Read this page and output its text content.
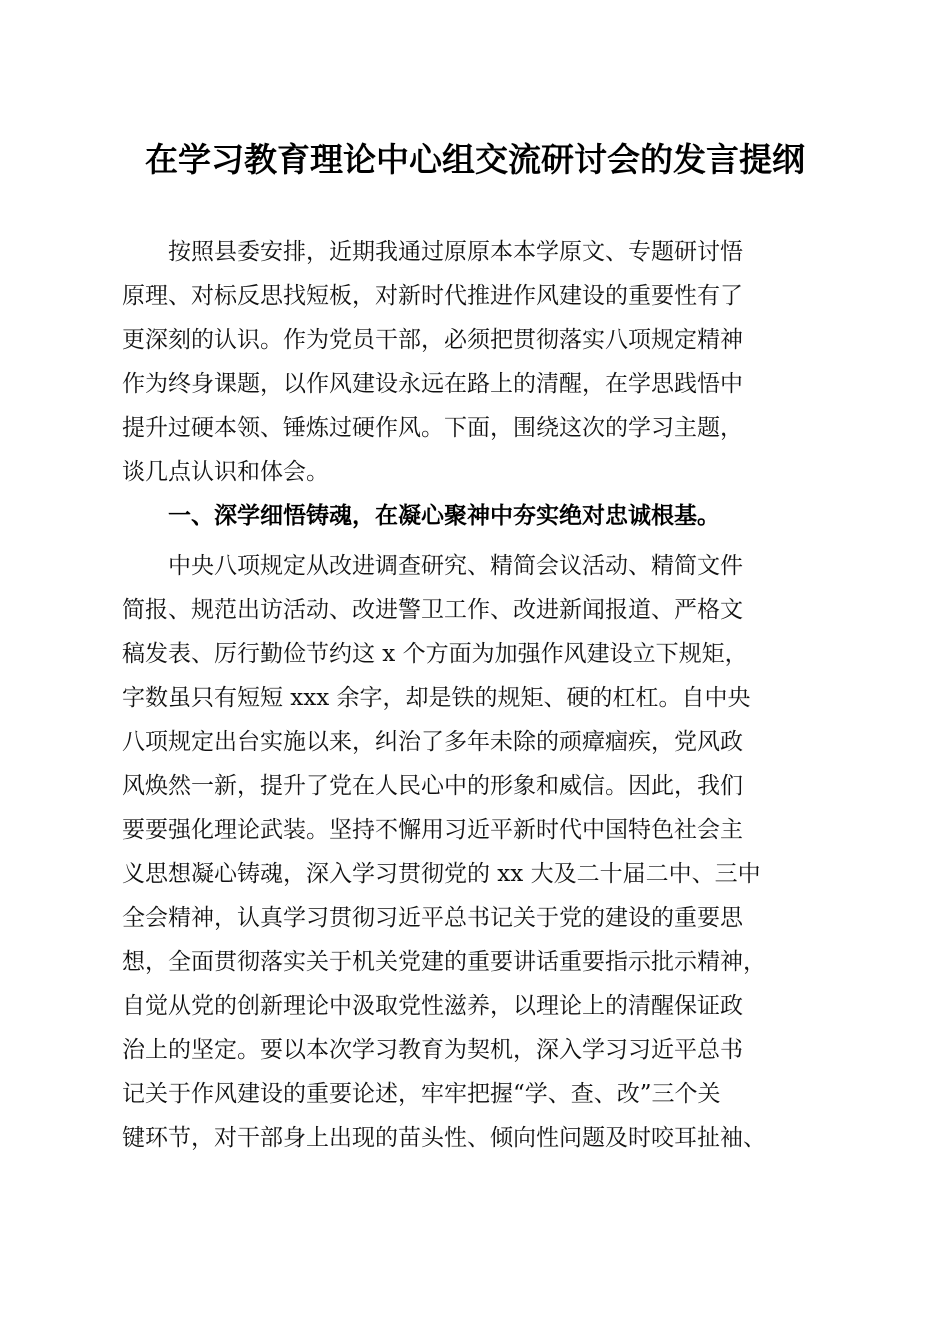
在学习教育理论中心组交流研讨会的发言提纲
　　按照县委安排，近期我通过原原本本学原文、专题研讨悟
原理、对标反思找短板，对新时代推进作风建设的重要性有了
更深刻的认识。作为党员干部，必须把贯彻落实八项规定精神
作为终身课题，以作风建设永远在路上的清醒，在学思践悟中
提升过硬本领、锤炼过硬作风。下面，围绕这次的学习主题，
谈几点认识和体会。
　　一、深学细悟铸魂，在凝心聚神中夯实绝对忠诚根基。
　　中央八项规定从改进调查研究、精简会议活动、精简文件
简报、规范出访活动、改进警卫工作、改进新闻报道、严格文
稿发表、厉行勤俭节约这 x 个方面为加强作风建设立下规矩，
字数虽只有短短 xxx 余字，却是铁的规矩、硬的杠杠。自中央
八项规定出台实施以来，纠治了多年未除的顽瘴痼疾，党风政
风焕然一新，提升了党在人民心中的形象和威信。因此，我们
要要强化理论武装。坚持不懈用习近平新时代中国特色社会主
义思想凝心铸魂，深入学习贯彻党的 xx 大及二十届二中、三中
全会精神，认真学习贯彻习近平总书记关于党的建设的重要思
想，全面贯彻落实关于机关党建的重要讲话重要指示批示精神，
自觉从党的创新理论中汲取党性滋养，以理论上的清醒保证政
治上的坚定。要以本次学习教育为契机，深入学习习近平总书
记关于作风建设的重要论述，牢牢把握“学、查、改”三个关
键环节，对干部身上出现的苗头性、倾向性问题及时咬耳扯袖、
